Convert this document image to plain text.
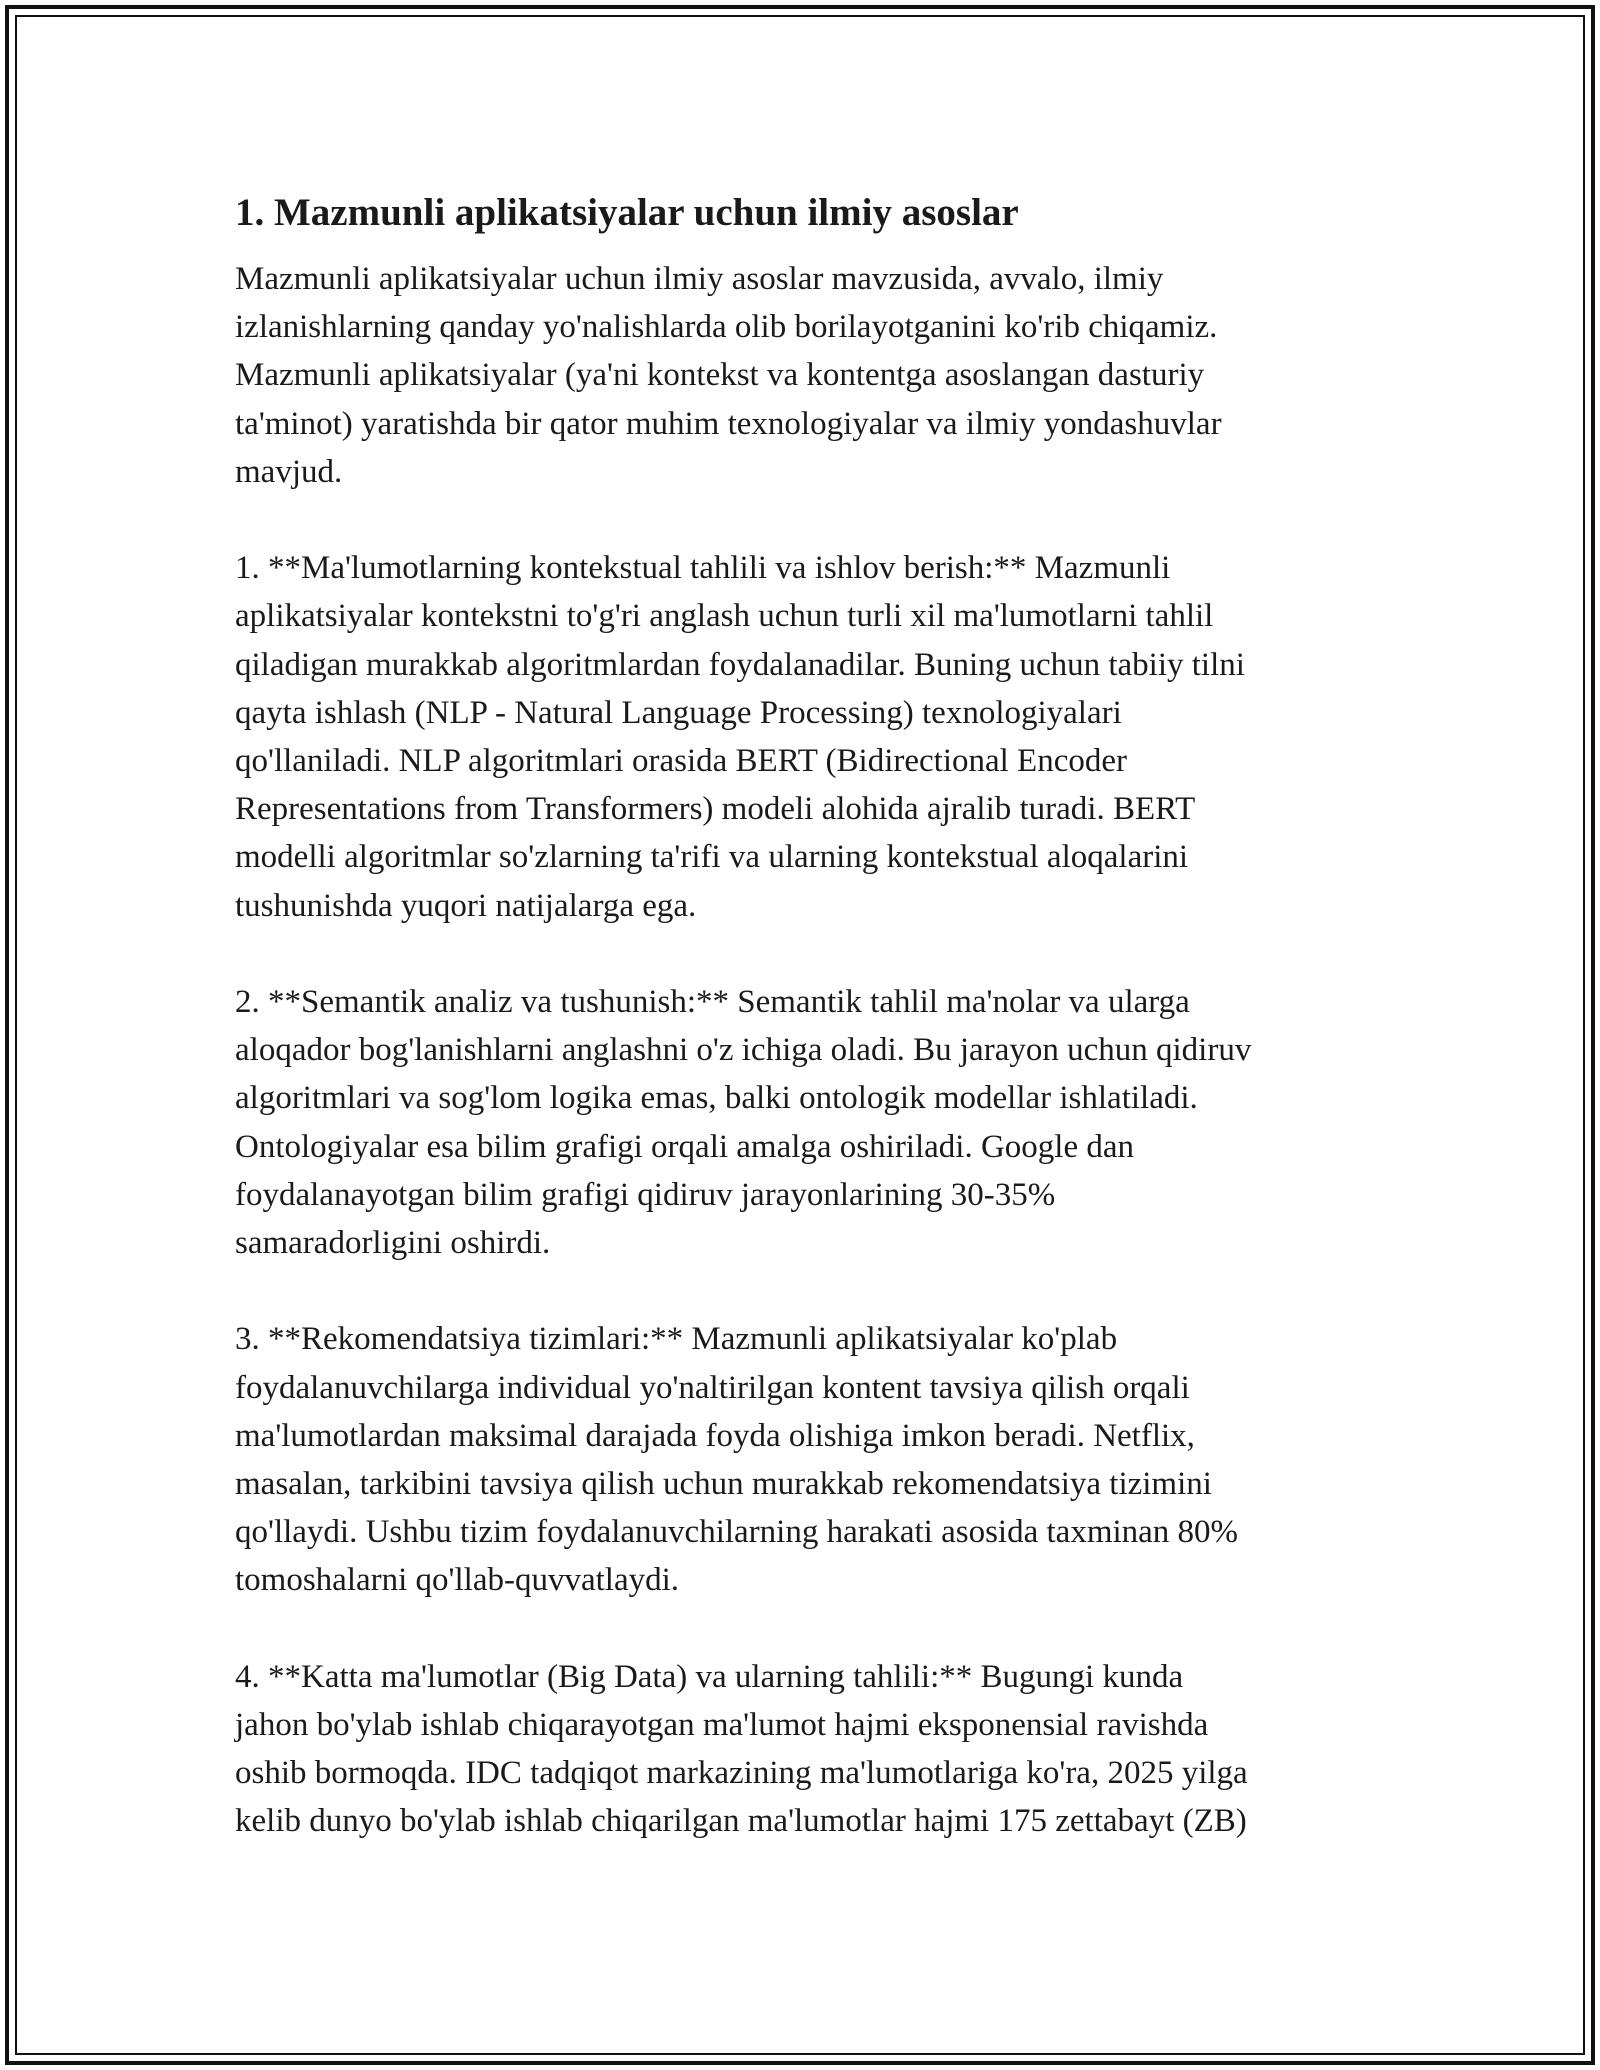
1. Mazmunli aplikatsiyalar uchun ilmiy asoslar

Mazmunli aplikatsiyalar uchun ilmiy asoslar mavzusida, avvalo, ilmiy
izlanishlarning qanday yo'nalishlarda olib borilayotganini ko'rib chiqamiz.
Mazmunli aplikatsiyalar (ya'ni kontekst va kontentga asoslangan dasturiy
ta'minot) yaratishda bir qator muhim texnologiyalar va ilmiy yondashuvlar
mavjud.

1. **Ma'lumotlarning kontekstual tahlili va ishlov berish:** Mazmunli
aplikatsiyalar kontekstni to'g'ri anglash uchun turli xil ma'lumotlarni tahlil
qiladigan murakkab algoritmlardan foydalanadilar. Buning uchun tabiiy tilni
qayta ishlash (NLP - Natural Language Processing) texnologiyalari
qo'llaniladi. NLP algoritmlari orasida BERT (Bidirectional Encoder
Representations from Transformers) modeli alohida ajralib turadi. BERT
modelli algoritmlar so'zlarning ta'rifi va ularning kontekstual aloqalarini
tushunishda yuqori natijalarga ega.

2. **Semantik analiz va tushunish:** Semantik tahlil ma'nolar va ularga
aloqador bog'lanishlarni anglashni o'z ichiga oladi. Bu jarayon uchun qidiruv
algoritmlari va sog'lom logika emas, balki ontologik modellar ishlatiladi.
Ontologiyalar esa bilim grafigi orqali amalga oshiriladi. Google dan
foydalanayotgan bilim grafigi qidiruv jarayonlarining 30-35%
samaradorligini oshirdi.

3. **Rekomendatsiya tizimlari:** Mazmunli aplikatsiyalar ko'plab
foydalanuvchilarga individual yo'naltirilgan kontent tavsiya qilish orqali
ma'lumotlardan maksimal darajada foyda olishiga imkon beradi. Netflix,
masalan, tarkibini tavsiya qilish uchun murakkab rekomendatsiya tizimini
qo'llaydi. Ushbu tizim foydalanuvchilarning harakati asosida taxminan 80%
tomoshalarni qo'llab-quvvatlaydi.

4. **Katta ma'lumotlar (Big Data) va ularning tahlili:** Bugungi kunda
jahon bo'ylab ishlab chiqarayotgan ma'lumot hajmi eksponensial ravishda
oshib bormoqda. IDC tadqiqot markazining ma'lumotlariga ko'ra, 2025 yilga
kelib dunyo bo'ylab ishlab chiqarilgan ma'lumotlar hajmi 175 zettabayt (ZB)
